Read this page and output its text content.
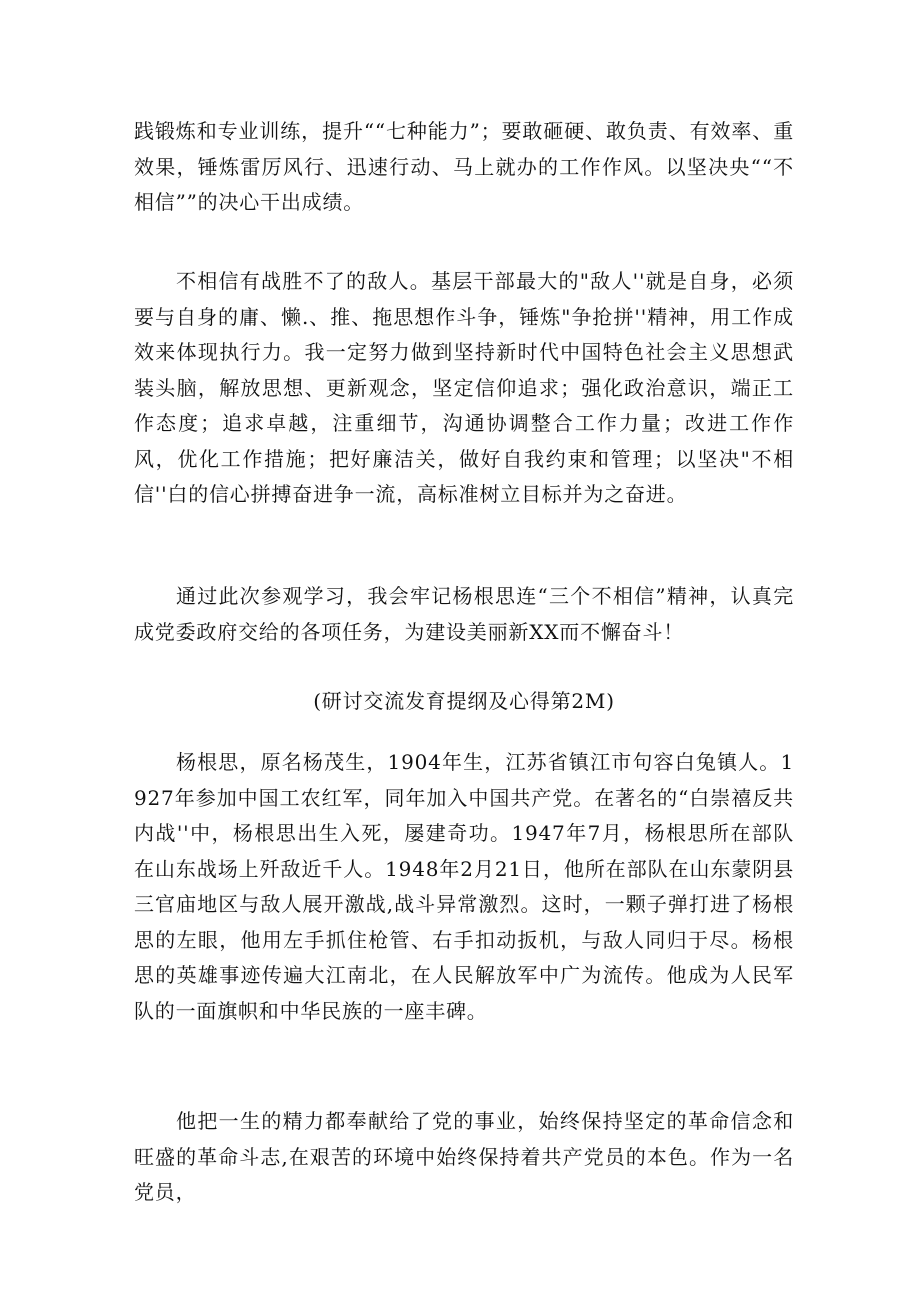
践锻炼和专业训练，提升““七种能力”；要敢砸硬、敢负责、有效率、重效果，锤炼雷厉风行、迅速行动、马上就办的工作作风。以坚决央““不相信””的决心干出成绩。

不相信有战胜不了的敌人。基层干部最大的"敌人''就是自身，必须要与自身的庸、懒.、推、拖思想作斗争，锤炼"争抢拼''精神，用工作成效来体现执行力。我一定努力做到坚持新时代中国特色社会主义思想武装头脑，解放思想、更新观念，坚定信仰追求；强化政治意识，端正工作态度；追求卓越，注重细节，沟通协调整合工作力量；改进工作作风，优化工作措施；把好廉洁关，做好自我约束和管理；以坚决"不相信''白的信心拼搏奋进争一流，高标准树立目标并为之奋进。

通过此次参观学习，我会牢记杨根思连“三个不相信”精神，认真完成党委政府交给的各项任务，为建设美丽新XX而不懈奋斗！

(研讨交流发育提纲及心得第2M)

杨根思，原名杨茂生，1904年生，江苏省镇江市句容白兔镇人。1927年参加中国工农红军，同年加入中国共产党。在著名的“白崇禧反共内战''中，杨根思出生入死，屡建奇功。1947年7月，杨根思所在部队在山东战场上歼敌近千人。1948年2月21日，他所在部队在山东蒙阴县三官庙地区与敌人展开激战,战斗异常激烈。这时，一颗子弹打进了杨根思的左眼，他用左手抓住枪管、右手扣动扳机，与敌人同归于尽。杨根思的英雄事迹传遍大江南北，在人民解放军中广为流传。他成为人民军队的一面旗帜和中华民族的一座丰碑。

他把一生的精力都奉献给了党的事业，始终保持坚定的革命信念和旺盛的革命斗志,在艰苦的环境中始终保持着共产党员的本色。作为一名党员，
